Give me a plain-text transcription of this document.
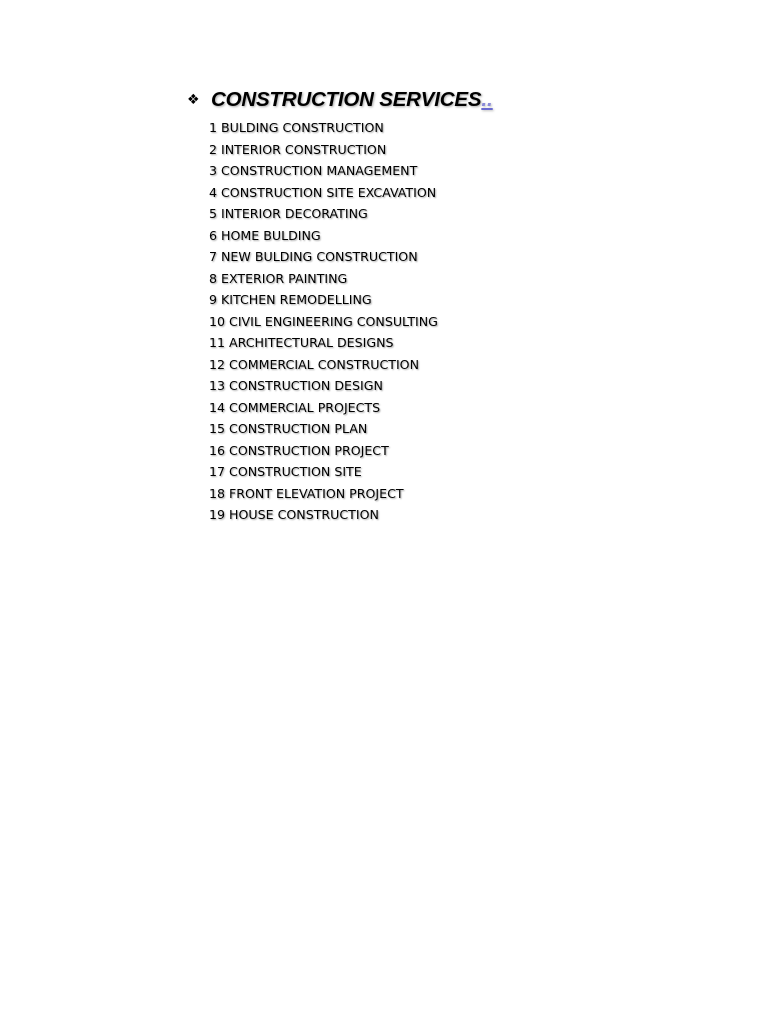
❖ CONSTRUCTION SERVICES ..
1 BULDING CONSTRUCTION
2 INTERIOR CONSTRUCTION
3 CONSTRUCTION MANAGEMENT
4 CONSTRUCTION SITE EXCAVATION
5 INTERIOR DECORATING
6 HOME BULDING
7 NEW BULDING CONSTRUCTION
8 EXTERIOR PAINTING
9 KITCHEN REMODELLING
10 CIVIL ENGINEERING CONSULTING
11 ARCHITECTURAL DESIGNS
12 COMMERCIAL CONSTRUCTION
13 CONSTRUCTION DESIGN
14 COMMERCIAL PROJECTS
15 CONSTRUCTION PLAN
16 CONSTRUCTION PROJECT
17 CONSTRUCTION SITE
18 FRONT ELEVATION PROJECT
19 HOUSE CONSTRUCTION
